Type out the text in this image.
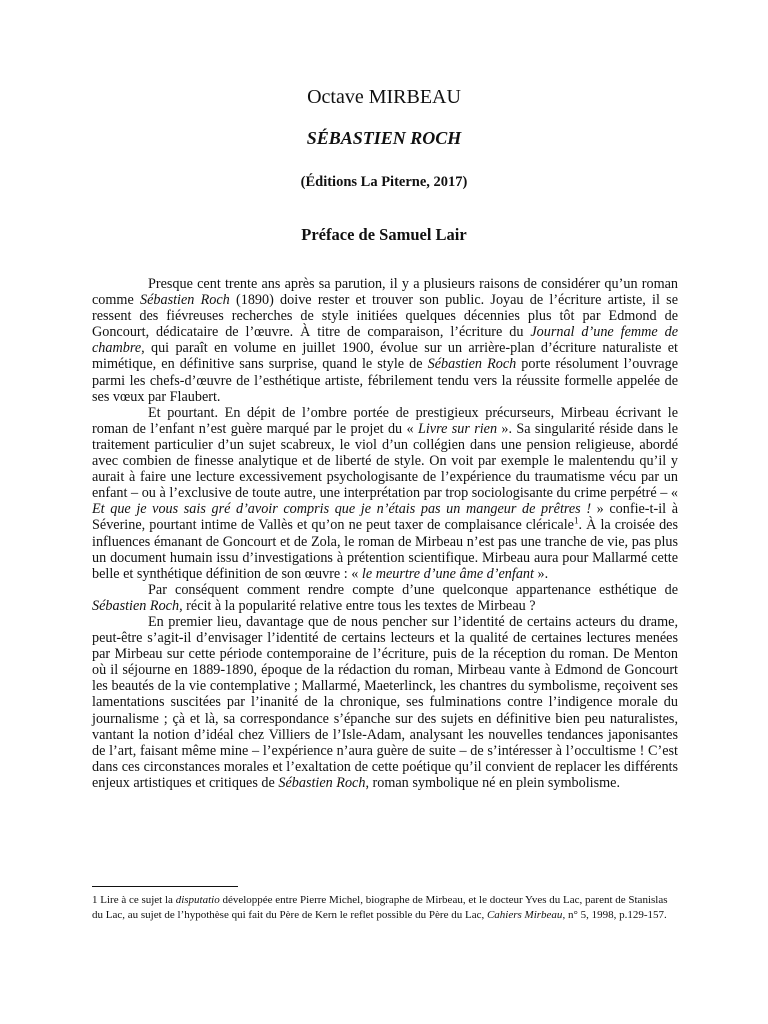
Octave MIRBEAU
SÉBASTIEN ROCH
(Éditions La Piterne, 2017)
Préface de Samuel Lair

Presque cent trente ans après sa parution, il y a plusieurs raisons de considérer qu’un roman comme Sébastien Roch (1890) doive rester et trouver son public. Joyau de l’écriture artiste, il se ressent des fiévreuses recherches de style initiées quelques décennies plus tôt par Edmond de Goncourt, dédicataire de l’œuvre. À titre de comparaison, l’écriture du Journal d’une femme de chambre, qui paraît en volume en juillet 1900, évolue sur un arrière-plan d’écriture naturaliste et mimétique, en définitive sans surprise, quand le style de Sébastien Roch porte résolument l’ouvrage parmi les chefs-d’œuvre de l’esthétique artiste, fébrilement tendu vers la réussite formelle appelée de ses vœux par Flaubert.

Et pourtant. En dépit de l’ombre portée de prestigieux précurseurs, Mirbeau écrivant le roman de l’enfant n’est guère marqué par le projet du « Livre sur rien ». Sa singularité réside dans le traitement particulier d’un sujet scabreux, le viol d’un collégien dans une pension religieuse, abordé avec combien de finesse analytique et de liberté de style. On voit par exemple le malentendu qu’il y aurait à faire une lecture excessivement psychologisante de l’expérience du traumatisme vécu par un enfant – ou à l’exclusive de toute autre, une interprétation par trop sociologisante du crime perpétré – « Et que je vous sais gré d’avoir compris que je n’étais pas un mangeur de prêtres ! » confie-t-il à Séverine, pourtant intime de Vallès et qu’on ne peut taxer de complaisance cléricale$^1$. À la croisée des influences émanant de Goncourt et de Zola, le roman de Mirbeau n’est pas une tranche de vie, pas plus un document humain issu d’investigations à prétention scientifique. Mirbeau aura pour Mallarmé cette belle et synthétique définition de son œuvre : « le meurtre d’une âme d’enfant ».

Par conséquent comment rendre compte d’une quelconque appartenance esthétique de Sébastien Roch, récit à la popularité relative entre tous les textes de Mirbeau ?

En premier lieu, davantage que de nous pencher sur l’identité de certains acteurs du drame, peut-être s’agit-il d’envisager l’identité de certains lecteurs et la qualité de certaines lectures menées par Mirbeau sur cette période contemporaine de l’écriture, puis de la réception du roman. De Menton où il séjourne en 1889-1890, époque de la rédaction du roman, Mirbeau vante à Edmond de Goncourt les beautés de la vie contemplative ; Mallarmé, Maeterlinck, les chantres du symbolisme, reçoivent ses lamentations suscitées par l’inanité de la chronique, ses fulminations contre l’indigence morale du journalisme ; çà et là, sa correspondance s’épanche sur des sujets en définitive bien peu naturalistes, vantant la notion d’idéal chez Villiers de l’Isle-Adam, analysant les nouvelles tendances japonisantes de l’art, faisant même mine – l’expérience n’aura guère de suite – de s’intéresser à l’occultisme ! C’est dans ces circonstances morales et l’exaltation de cette poétique qu’il convient de replacer les différents enjeux artistiques et critiques de Sébastien Roch, roman symbolique né en plein symbolisme.

1 Lire à ce sujet la disputatio développée entre Pierre Michel, biographe de Mirbeau, et le docteur Yves du Lac, parent de Stanislas du Lac, au sujet de l’hypothèse qui fait du Père de Kern le reflet possible du Père du Lac, Cahiers Mirbeau, n° 5, 1998, p.129-157.
